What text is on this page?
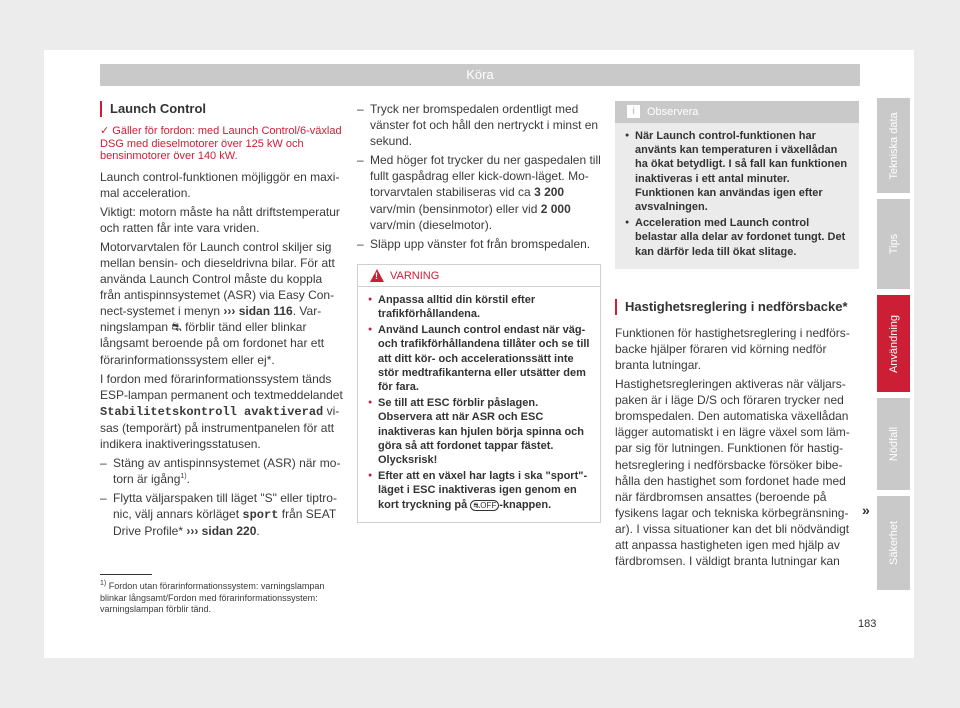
Köra
Launch Control
✓ Gäller för fordon: med Launch Control/6-växlad DSG med dieselmotorer över 125 kW och bensinmotorer över 140 kW.

Launch control-funktionen möjliggör en maximal acceleration.

Viktigt: motorn måste ha nått driftstemperatur och ratten får inte vara vriden.

Motorvarvtalen för Launch control skiljer sig mellan bensin- och dieseldrivna bilar. För att använda Launch Control måste du koppla från antispinnsystemet (ASR) via Easy Connect-systemet i menyn ››› sidan 116. Varningslampan ⛐ förblir tänd eller blinkar långsamt beroende på om fordonet har ett förarinformationssystem eller ej*.

I fordon med förarinformationssystem tänds ESP-lampan permanent och textmeddelandet Stabilitetskontroll avaktiverad visas (temporärt) på instrumentpanelen för att indikera inaktiveringsstatusen.

– Stäng av antispinnsystemet (ASR) när motorn är igång$^{1)}$.
– Flytta väljarspaken till läget "S" eller tiptronic, välj annars körläget sport från SEAT Drive Profile* ››› sidan 220.
– Tryck ner bromspedalen ordentligt med vänster fot och håll den nertryckt i minst en sekund.
– Med höger fot trycker du ner gaspedalen till fullt gaspådrag eller kick-down-läget. Motorvarvtalen stabiliseras vid ca 3 200 varv/min (bensinmotor) eller vid 2 000 varv/min (dieselmotor).
– Släpp upp vänster fot från bromspedalen.
! VARNING
● Anpassa alltid din körstil efter trafikförhållandena.
● Använd Launch control endast när väg- och trafikförhållandena tillåter och se till att ditt kör- och accelerationssätt inte stör medtrafikanterna eller utsätter dem för fara.
● Se till att ESC förblir påslagen. Observera att när ASR och ESC inaktiveras kan hjulen börja spinna och göra så att fordonet tappar fästet. Olycksrisk!
● Efter att en växel har lagts i ska "sport"-läget i ESC inaktiveras igen genom en kort tryckning på ⛐OFF -knappen.
i	Observera
● När Launch control-funktionen har använts kan temperaturen i växellådan ha ökat betydligt. I så fall kan funktionen inaktiveras i ett antal minuter. Funktionen kan användas igen efter avsvalningen.
● Acceleration med Launch control belastar alla delar av fordonet tungt. Det kan därför leda till ökat slitage.
Hastighetsreglering i nedförsbacke*

Funktionen för hastighetsreglering i nedförsbacke hjälper föraren vid körning nedför branta lutningar.

Hastighetsregleringen aktiveras när väljarspaken är i läge D/S och föraren trycker ned bromspedalen. Den automatiska växellådan lägger automatiskt i en lägre växel som lämpar sig för lutningen. Funktionen för hastighetsreglering i nedförsbacke försöker bibehålla den hastighet som fordonet hade med när färdbromsen ansattes (beroende på fysikens lagar och tekniska körbegränsningar). I vissa situationer kan det bli nödvändigt att anpassa hastigheten igen med hjälp av färdbromsen. I väldigt branta lutningar kan

»
$^{1)}$ Fordon utan förarinformationssystem: varningslampan blinkar långsamt/Fordon med förarinformationssystem: varningslampan förblir tänd.
183
Tekniska data
Tips
Användning
Nödfall
Säkerhet
